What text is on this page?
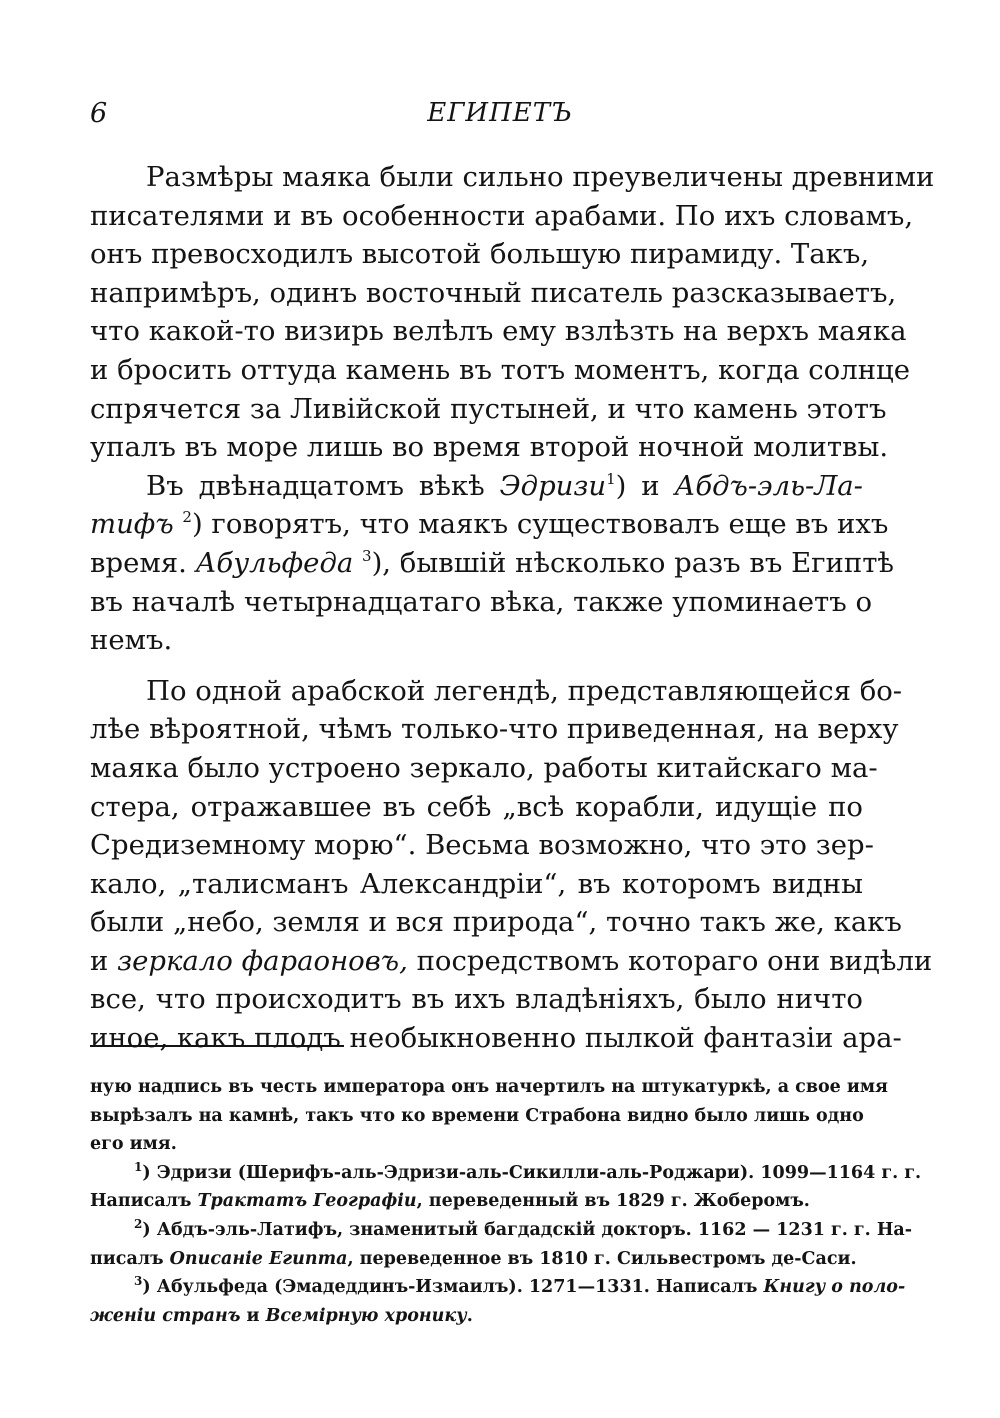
6	ЕГИПЕТЪ
Размѣры маяка были сильно преувеличены древними
писателями и въ особенности арабами. По ихъ словамъ,
онъ превосходилъ высотой большую пирамиду. Такъ,
напримѣръ, одинъ восточный писатель разсказываетъ,
что какой-то визирь велѣлъ ему взлѣзть на верхъ маяка
и бросить оттуда камень въ тотъ моментъ, когда солнце
спрячется за Ливійской пустыней, и что камень этотъ
упалъ въ море лишь во время второй ночной молитвы.
Въ двѣнадцатомъ вѣкѣ Эдризи$^1$) и Абдъ-эль-Ла-
тифъ $^2$) говорятъ, что маякъ существовалъ еще въ ихъ
время. Абульфеда $^3$), бывшій нѣсколько разъ въ Египтѣ
въ началѣ четырнадцатаго вѣка, также упоминаетъ о
немъ.
По одной арабской легендѣ, представляющейся бо-
лѣе вѣроятной, чѣмъ только-что приведенная, на верху
маяка было устроено зеркало, работы китайскаго ма-
стера, отражавшее въ себѣ „всѣ корабли, идущіе по
Средиземному морю“. Весьма возможно, что это зер-
кало, „талисманъ Александріи“, въ которомъ видны
были „небо, земля и вся природа“, точно такъ же, какъ
и зеркало фараоновъ, посредствомъ котораго они видѣли
все, что происходитъ въ ихъ владѣніяхъ, было ничто
иное, какъ плодъ необыкновенно пылкой фантазіи ара-
ную надпись въ честь императора онъ начертилъ на штукатуркѣ, а свое имя
вырѣзалъ на камнѣ, такъ что ко времени Страбона видно было лишь одно
его имя.
$^1$) Эдризи (Шерифъ-аль-Эдризи-аль-Сикилли-аль-Роджари). 1099—1164 г. г.
Написалъ Трактатъ Географіи, переведенный въ 1829 г. Жоберомъ.
$^2$) Абдъ-эль-Латифъ, знаменитый багдадскій докторъ. 1162 — 1231 г. г. На-
писалъ Описаніе Египта, переведенное въ 1810 г. Сильвестромъ де-Саси.
$^3$) Абульфеда (Эмадеддинъ-Измаилъ). 1271—1331. Написалъ Книгу о поло-
женіи странъ и Всемірную хронику.
